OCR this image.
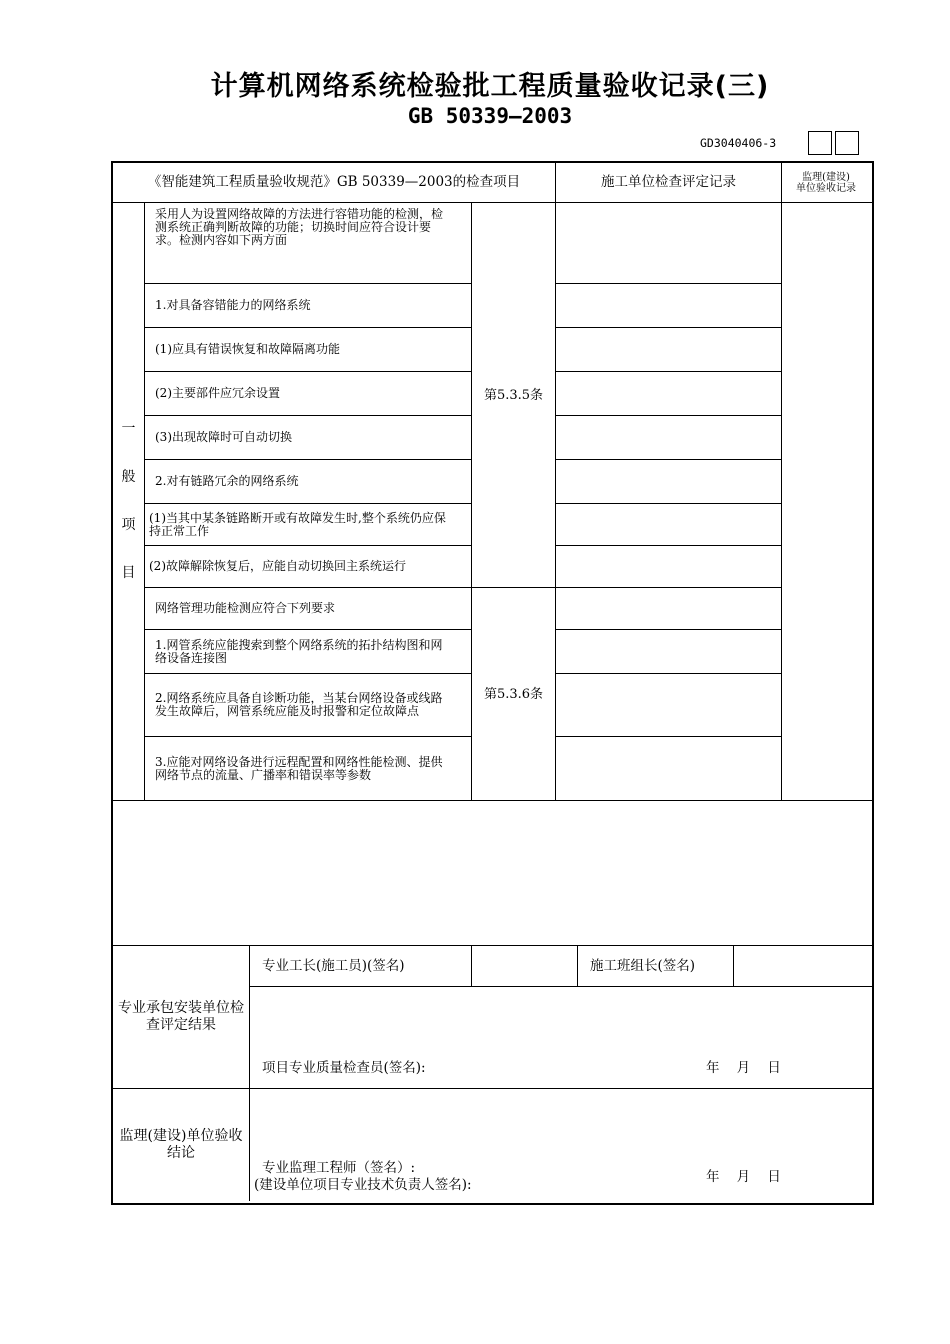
计算机网络系统检验批工程质量验收记录(三)
GB 50339—2003
GD3040406-3
《智能建筑工程质量验收规范》GB 50339—2003的检查项目	施工单位检查评定记录	监理(建设)
单位验收记录
一
般
项
目
采用人为设置网络故障的方法进行容错功能的检测，检测系统正确判断故障的功能；切换时间应符合设计要求。检测内容如下两方面
1.对具备容错能力的网络系统
(1)应具有错误恢复和故障隔离功能
(2)主要部件应冗余设置
(3)出现故障时可自动切换
2.对有链路冗余的网络系统
(1)当其中某条链路断开或有故障发生时,整个系统仍应保持正常工作
(2)故障解除恢复后，应能自动切换回主系统运行
第5.3.5条
网络管理功能检测应符合下列要求
1.网管系统应能搜索到整个网络系统的拓扑结构图和网络设备连接图
2.网络系统应具备自诊断功能，当某台网络设备或线路发生故障后，网管系统应能及时报警和定位故障点
3.应能对网络设备进行远程配置和网络性能检测、提供网络节点的流量、广播率和错误率等参数
第5.3.6条
专业承包安装单位检查评定结果
专业工长(施工员)(签名)	施工班组长(签名)
项目专业质量检查员(签名):	年    月    日
监理(建设)单位验收结论
专业监理工程师（签名）:
(建设单位项目专业技术负责人签名):	年    月    日
